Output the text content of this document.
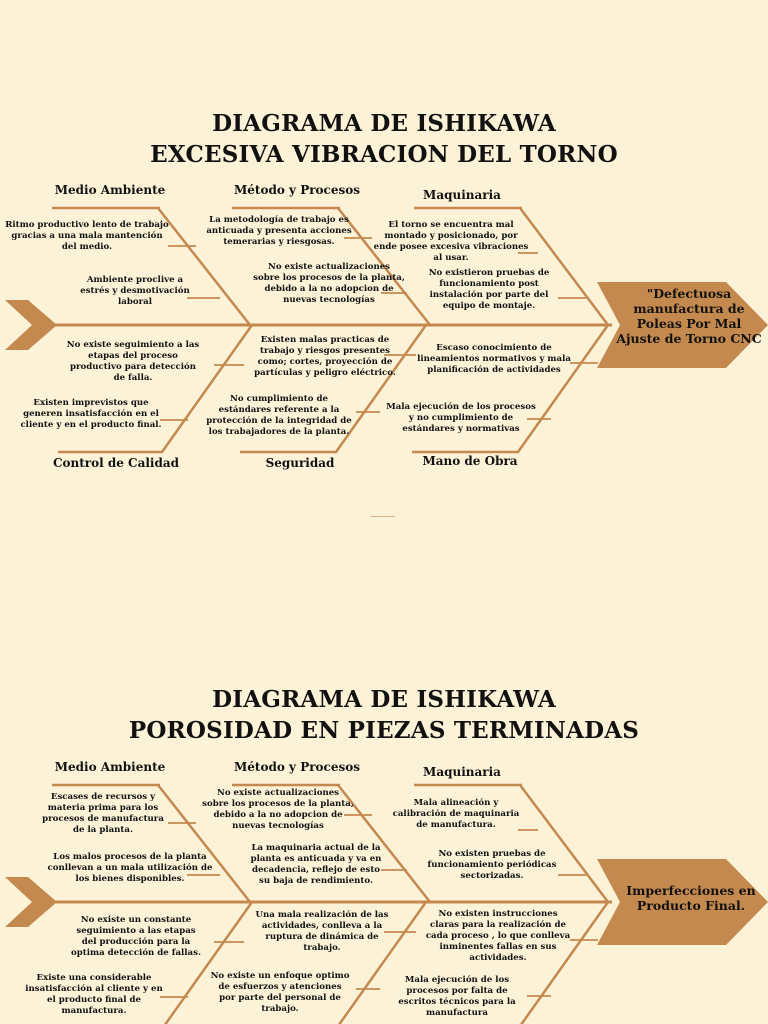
DIAGRAMA DE ISHIKAWA
EXCESIVA VIBRACION DEL TORNO
Medio Ambiente	Método y Procesos	Maquinaria
Control de Calidad	Seguridad	Mano de Obra
Ritmo productivo lento de trabajo
gracias a una mala mantención
del medio.
Ambiente proclive a
estrés y desmotivación
laboral
La metodología de trabajo es
anticuada y presenta acciones
temerarias y riesgosas.
No existe actualizaciones
sobre los procesos de la planta,
debido a la no adopcion de
nuevas tecnologías
El torno se encuentra mal
montado y posicionado, por
ende posee excesiva vibraciones
al usar.
No existieron pruebas de
funcionamiento post
instalación por parte del
equipo de montaje.
No existe seguimiento a las
etapas del proceso
productivo para detección
de falla.
Existen imprevistos que
generen insatisfacción en el
cliente y en el producto final.
Existen malas practicas de
trabajo y riesgos presentes
como; cortes, proyección de
partículas y peligro eléctrico.
No cumplimiento de
estándares referente a la
protección de la integridad de
los trabajadores de la planta.
Escaso conocimiento de
lineamientos normativos y mala
planificación de actividades
Mala ejecución de los procesos
y no cumplimiento de
estándares y normativas
"Defectuosa
manufactura de
Poleas Por Mal
Ajuste de Torno CNC
DIAGRAMA DE ISHIKAWA
POROSIDAD EN PIEZAS TERMINADAS
Medio Ambiente	Método y Procesos	Maquinaria
Escases de recursos y
materia prima para los
procesos de manufactura
de la planta.
Los malos procesos de la planta
conllevan a un mala utilización de
los bienes disponibles.
No existe actualizaciones
sobre los procesos de la planta,
debido a la no adopcion de
nuevas tecnologías
La maquinaria actual de la
planta es anticuada y va en
decadencia, reflejo de esto
su baja de rendimiento.
Mala alineación y
calibración de maquinaria
de manufactura.
No existen pruebas de
funcionamiento periódicas
sectorizadas.
No existe un constante
seguimiento a las etapas
del producción para la
optima detección de fallas.
Existe una considerable
insatisfacción al cliente y en
el producto final de
manufactura.
Una mala realización de las
actividades, conlleva a la
ruptura de dinámica de
trabajo.
No existe un enfoque optimo
de esfuerzos y atenciones
por parte del personal de
trabajo.
No existen instrucciones
claras para la realización de
cada proceso , lo que conlleva
inminentes fallas en sus
actividades.
Mala ejecución de los
procesos por falta de
escritos técnicos para la
manufactura
Imperfecciones en
Producto Final.
